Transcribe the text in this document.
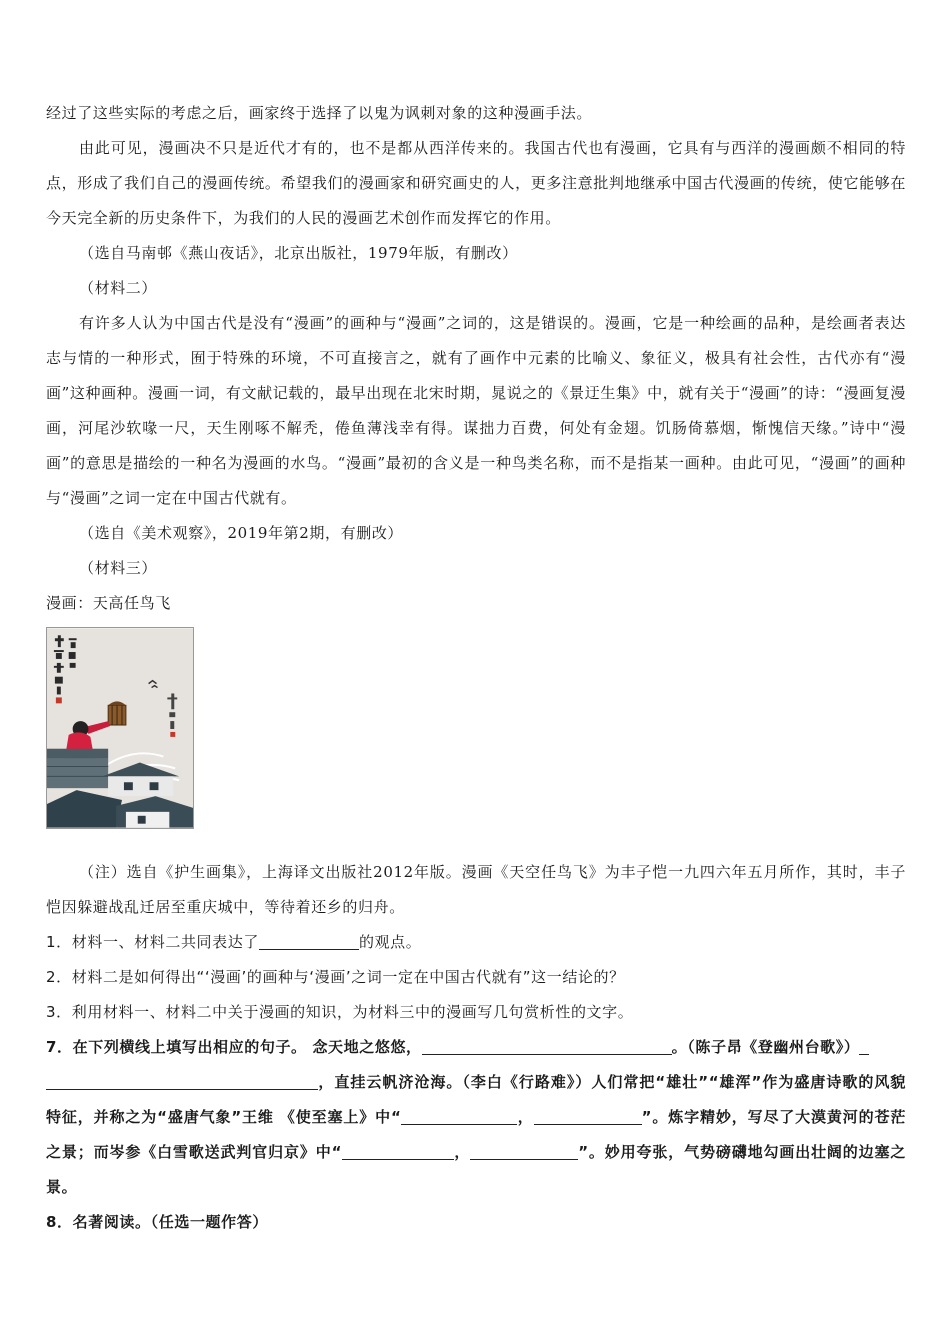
经过了这些实际的考虑之后，画家终于选择了以鬼为讽刺对象的这种漫画手法。

由此可见，漫画决不只是近代才有的，也不是都从西洋传来的。我国古代也有漫画，它具有与西洋的漫画颇不相同的特点，形成了我们自己的漫画传统。希望我们的漫画家和研究画史的人，更多注意批判地继承中国古代漫画的传统，使它能够在今天完全新的历史条件下，为我们的人民的漫画艺术创作而发挥它的作用。

（选自马南邨《燕山夜话》，北京出版社，1979年版，有删改）

（材料二）

有许多人认为中国古代是没有“漫画”的画种与“漫画”之词的，这是错误的。漫画，它是一种绘画的品种，是绘画者表达志与情的一种形式，囿于特殊的环境，不可直接言之，就有了画作中元素的比喻义、象征义，极具有社会性，古代亦有“漫画”这种画种。漫画一词，有文献记载的，最早出现在北宋时期，晁说之的《景迂生集》中，就有关于“漫画”的诗：“漫画复漫画，河尾沙软喙一尺，天生刚啄不解秃，倦鱼薄浅幸有得。谋拙力百费，何处有金翅。饥肠倚慕烟，惭愧信天缘。”诗中“漫画”的意思是描绘的一种名为漫画的水鸟。“漫画”最初的含义是一种鸟类名称，而不是指某一画种。由此可见，“漫画”的画种与“漫画”之词一定在中国古代就有。

（选自《美术观察》，2019年第2期，有删改）

（材料三）

漫画：天高任鸟飞

（注）选自《护生画集》，上海译文出版社2012年版。漫画《天空任鸟飞》为丰子恺一九四六年五月所作，其时，丰子恺因躲避战乱迁居至重庆城中，等待着还乡的归舟。

1．材料一、材料二共同表达了	的观点。

2．材料二是如何得出“‘漫画’的画种与‘漫画’之词一定在中国古代就有”这一结论的？

3．利用材料一、材料二中关于漫画的知识，为材料三中的漫画写几句赏析性的文字。

7．在下列横线上填写出相应的句子。 念天地之悠悠，	。（陈子昂《登幽州台歌》）
，直挂云帆济沧海。（李白《行路难》）人们常把“雄壮”“雄浑”作为盛唐诗歌的风貌特征，并称之为“盛唐气象”王维 《使至塞上》中“	，	”。炼字精妙，写尽了大漠黄河的苍茫之景；而岑参《白雪歌送武判官归京》中“	，	”。妙用夸张，气势磅礴地勾画出壮阔的边塞之景。

8．名著阅读。（任选一题作答）
